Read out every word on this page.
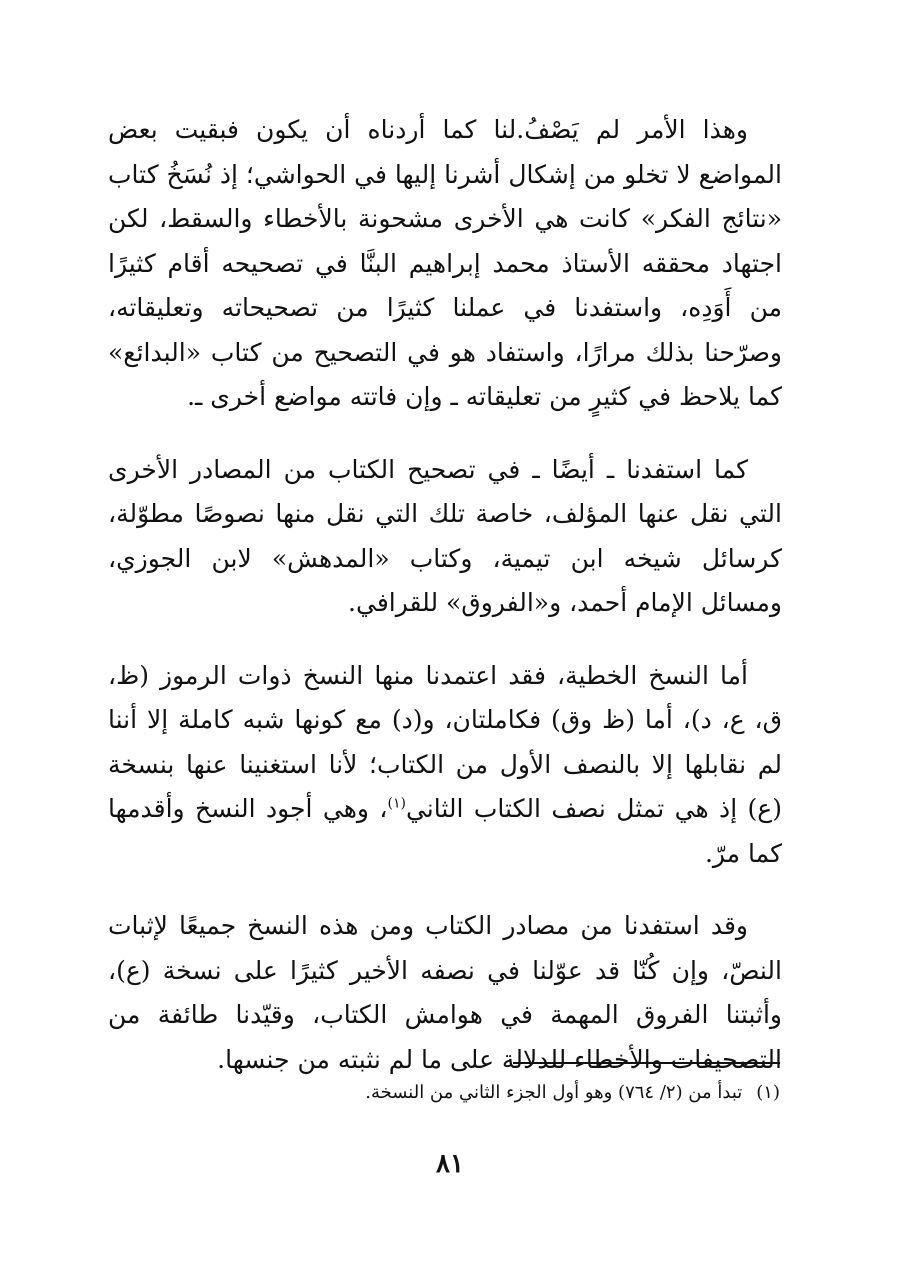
وهذا الأمر لم يَصْفُ.لنا كما أردناه أن يكون فبقيت بعض المواضع لا تخلو من إشكال أشرنا إليها في الحواشي؛ إذ نُسَخُ كتاب «نتائج الفكر» كانت هي الأخرى مشحونة بالأخطاء والسقط، لكن اجتهاد محققه الأستاذ محمد إبراهيم البنَّا في تصحيحه أقام كثيرًا من أَوَدِه، واستفدنا في عملنا كثيرًا من تصحيحاته وتعليقاته، وصرّحنا بذلك مرارًا، واستفاد هو في التصحيح من كتاب «البدائع» كما يلاحظ في كثيرٍ من تعليقاته ـ وإن فاتته مواضع أخرى ـ.

كما استفدنا ـ أيضًا ـ في تصحيح الكتاب من المصادر الأخرى التي نقل عنها المؤلف، خاصة تلك التي نقل منها نصوصًا مطوّلة، كرسائل شيخه ابن تيمية، وكتاب «المدهش» لابن الجوزي، ومسائل الإمام أحمد، و«الفروق» للقرافي.

أما النسخ الخطية، فقد اعتمدنا منها النسخ ذوات الرموز (ظ، ق، ع، د)، أما (ظ وق) فكاملتان، و(د) مع كونها شبه كاملة إلا أننا لم نقابلها إلا بالنصف الأول من الكتاب؛ لأنا استغنينا عنها بنسخة (ع) إذ هي تمثل نصف الكتاب الثاني$^{(١)}$، وهي أجود النسخ وأقدمها كما مرّ.

وقد استفدنا من مصادر الكتاب ومن هذه النسخ جميعًا لإثبات النصّ، وإن كُنّا قد عوّلنا في نصفه الأخير كثيرًا على نسخة (ع)، وأثبتنا الفروق المهمة في هوامش الكتاب، وقيّدنا طائفة من التصحيفات والأخطاء للدلالة على ما لم نثبته من جنسها.

(١)تبدأ من (٢/ ٧٦٤) وهو أول الجزء الثاني من النسخة.
٨١
